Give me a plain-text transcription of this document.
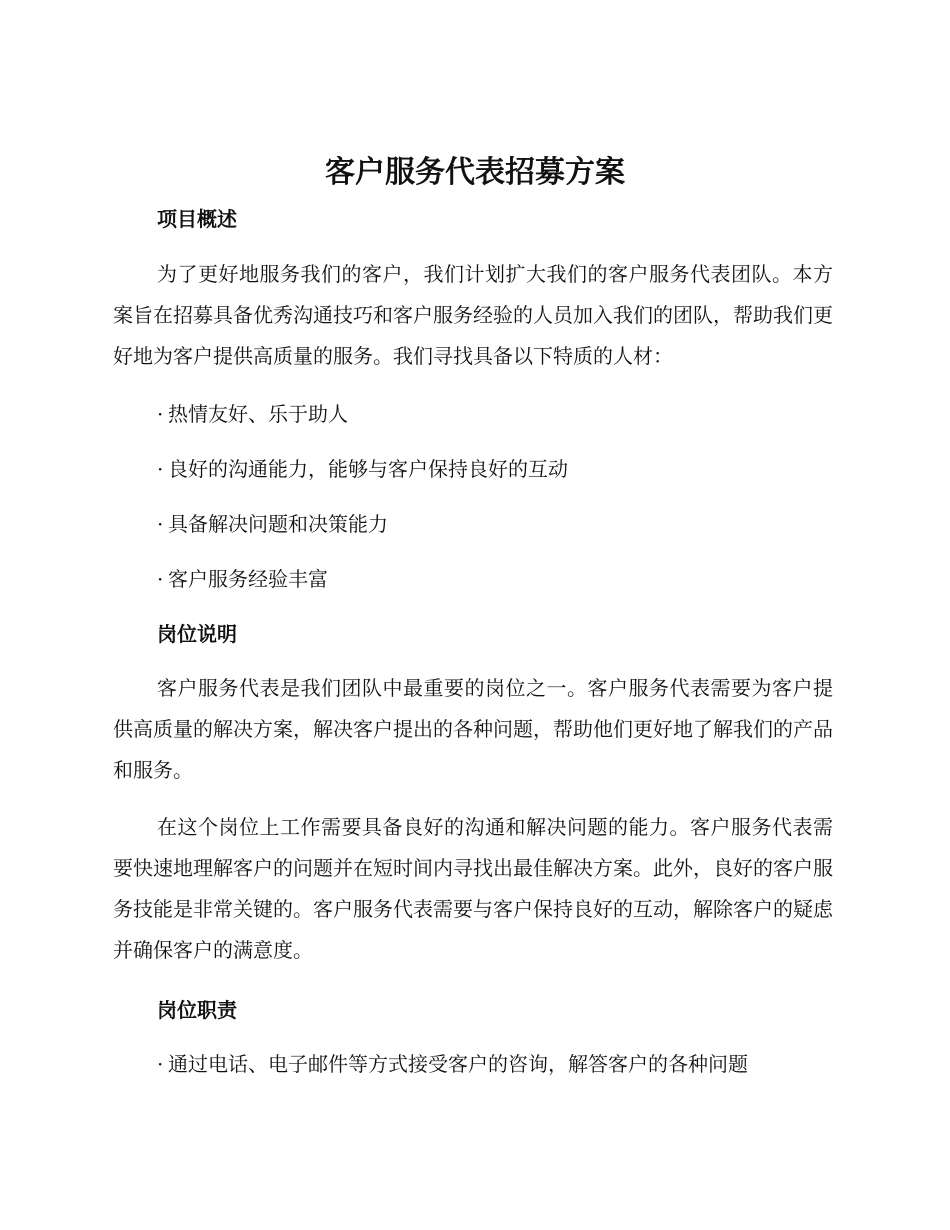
客户服务代表招募方案
项目概述

为了更好地服务我们的客户，我们计划扩大我们的客户服务代表团队。本方案旨在招募具备优秀沟通技巧和客户服务经验的人员加入我们的团队，帮助我们更好地为客户提供高质量的服务。我们寻找具备以下特质的人材：

· 热情友好、乐于助人
· 良好的沟通能力，能够与客户保持良好的互动
· 具备解决问题和决策能力
· 客户服务经验丰富
岗位说明

客户服务代表是我们团队中最重要的岗位之一。客户服务代表需要为客户提供高质量的解决方案，解决客户提出的各种问题，帮助他们更好地了解我们的产品和服务。

在这个岗位上工作需要具备良好的沟通和解决问题的能力。客户服务代表需要快速地理解客户的问题并在短时间内寻找出最佳解决方案。此外，良好的客户服务技能是非常关键的。客户服务代表需要与客户保持良好的互动，解除客户的疑虑并确保客户的满意度。

岗位职责
· 通过电话、电子邮件等方式接受客户的咨询，解答客户的各种问题
